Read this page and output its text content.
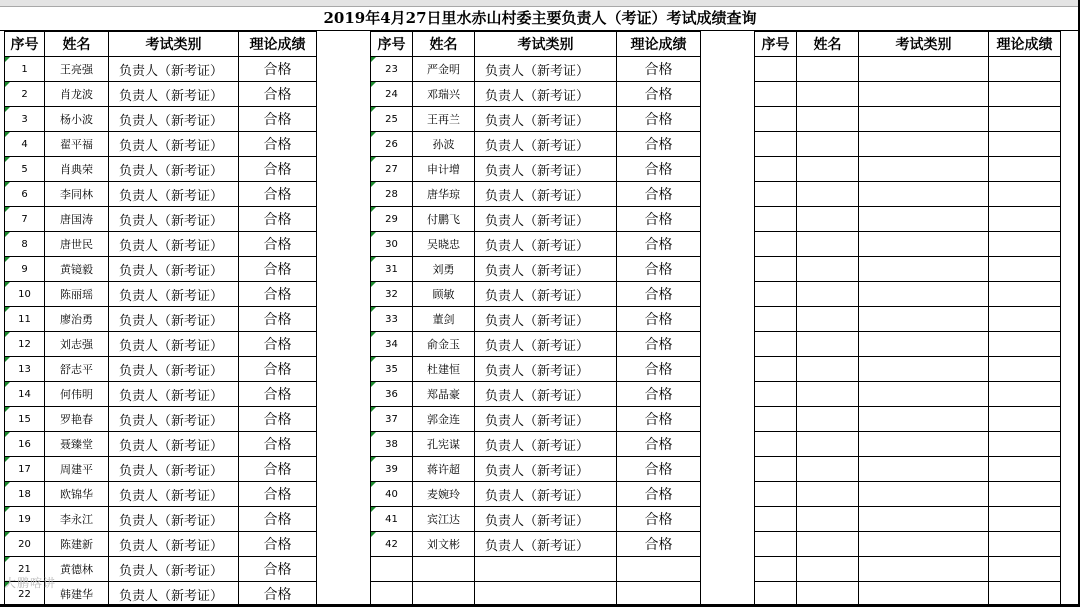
2019年4月27日里水赤山村委主要负责人（考证）考试成绩查询
序号	姓名	考试类别	理论成绩
1	王亮强	负责人（新考证）	合格
2	肖龙波	负责人（新考证）	合格
3	杨小波	负责人（新考证）	合格
4	翟平福	负责人（新考证）	合格
5	肖典荣	负责人（新考证）	合格
6	李同林	负责人（新考证）	合格
7	唐国涛	负责人（新考证）	合格
8	唐世民	负责人（新考证）	合格
9	黄镜毅	负责人（新考证）	合格
10	陈丽瑶	负责人（新考证）	合格
11	廖治勇	负责人（新考证）	合格
12	刘志强	负责人（新考证）	合格
13	舒志平	负责人（新考证）	合格
14	何伟明	负责人（新考证）	合格
15	罗艳春	负责人（新考证）	合格
16	聂臻堂	负责人（新考证）	合格
17	周建平	负责人（新考证）	合格
18	欧锦华	负责人（新考证）	合格
19	李永江	负责人（新考证）	合格
20	陈建新	负责人（新考证）	合格
21	黄德林	负责人（新考证）	合格
22	韩建华	负责人（新考证）	合格
序号	姓名	考试类别	理论成绩
23	严金明	负责人（新考证）	合格
24	邓瑞兴	负责人（新考证）	合格
25	王再兰	负责人（新考证）	合格
26	孙波	负责人（新考证）	合格
27	申计增	负责人（新考证）	合格
28	唐华琼	负责人（新考证）	合格
29	付鹏飞	负责人（新考证）	合格
30	吴晓忠	负责人（新考证）	合格
31	刘勇	负责人（新考证）	合格
32	顾敏	负责人（新考证）	合格
33	董剑	负责人（新考证）	合格
34	俞金玉	负责人（新考证）	合格
35	杜建恒	负责人（新考证）	合格
36	郑晶豪	负责人（新考证）	合格
37	郭金连	负责人（新考证）	合格
38	孔宪谋	负责人（新考证）	合格
39	蒋许超	负责人（新考证）	合格
40	麦婉玲	负责人（新考证）	合格
41	宾江达	负责人（新考证）	合格
42	刘文彬	负责人（新考证）	合格

序号	姓名	考试类别	理论成绩

大鹏喀讲
